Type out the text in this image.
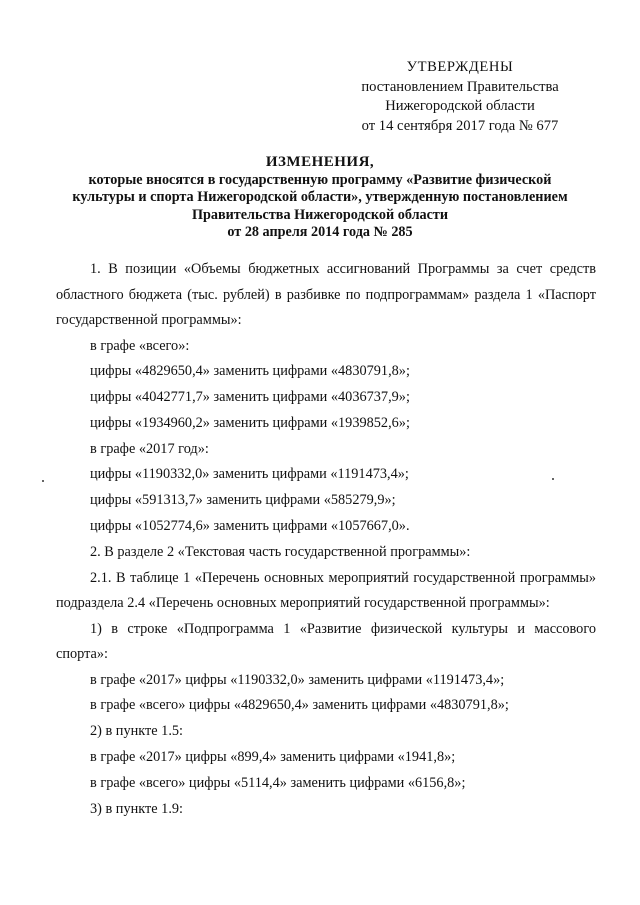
УТВЕРЖДЕНЫ
постановлением Правительства
Нижегородской области
от 14 сентября 2017 года № 677
ИЗМЕНЕНИЯ,
которые вносятся в государственную программу «Развитие физической
культуры и спорта Нижегородской области», утвержденную постановлением
Правительства Нижегородской области
от 28 апреля 2014 года № 285

1. В позиции «Объемы бюджетных ассигнований Программы за счет средств областного бюджета (тыс. рублей) в разбивке по подпрограммам» раздела 1 «Паспорт государственной программы»:

в графе «всего»:
цифры «4829650,4» заменить цифрами «4830791,8»;
цифры «4042771,7» заменить цифрами «4036737,9»;
цифры «1934960,2» заменить цифрами «1939852,6»;
в графе «2017 год»:
цифры «1190332,0» заменить цифрами «1191473,4»;
цифры «591313,7» заменить цифрами «585279,9»;
цифры «1052774,6» заменить цифрами «1057667,0».
2. В разделе 2 «Текстовая часть государственной программы»:

2.1. В таблице 1 «Перечень основных мероприятий государственной программы» подраздела 2.4 «Перечень основных мероприятий государственной программы»:

1) в строке «Подпрограмма 1 «Развитие физической культуры и массового спорта»:

в графе «2017» цифры «1190332,0» заменить цифрами «1191473,4»;
в графе «всего» цифры «4829650,4» заменить цифрами «4830791,8»;
2) в пункте 1.5:
в графе «2017» цифры «899,4» заменить цифрами «1941,8»;
в графе «всего» цифры «5114,4» заменить цифрами «6156,8»;
3) в пункте 1.9:
